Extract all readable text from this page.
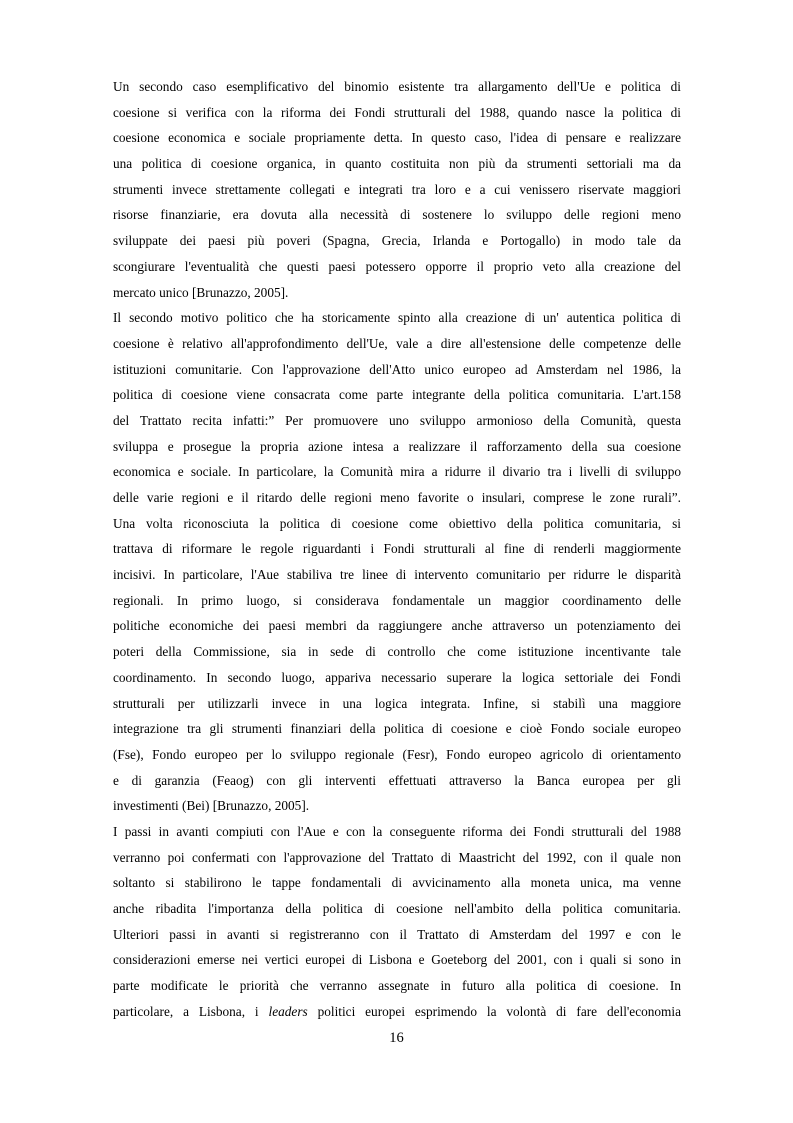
Un secondo caso esemplificativo del binomio esistente tra allargamento dell'Ue e politica di
coesione si verifica con la riforma dei Fondi strutturali del 1988, quando nasce la politica di
coesione economica e sociale propriamente detta. In questo caso, l'idea di pensare e realizzare
una politica di coesione organica, in quanto costituita non più da strumenti settoriali ma da
strumenti invece strettamente collegati e integrati tra loro e a cui venissero riservate maggiori
risorse finanziarie, era dovuta alla necessità di sostenere lo sviluppo delle regioni meno
sviluppate dei paesi più poveri (Spagna, Grecia, Irlanda e Portogallo) in modo tale da
scongiurare l'eventualità che questi paesi potessero opporre il proprio veto alla creazione del
mercato unico [Brunazzo, 2005].
Il secondo motivo politico che ha storicamente spinto alla creazione di un' autentica politica di
coesione è relativo all'approfondimento dell'Ue, vale a dire all'estensione delle competenze delle
istituzioni comunitarie. Con l'approvazione dell'Atto unico europeo ad Amsterdam nel 1986, la
politica di coesione viene consacrata come parte integrante della politica comunitaria. L'art.158
del Trattato recita infatti:” Per promuovere uno sviluppo armonioso della Comunità, questa
sviluppa e prosegue la propria azione intesa a realizzare il rafforzamento della sua coesione
economica e sociale. In particolare, la Comunità mira a ridurre il divario tra i livelli di sviluppo
delle varie regioni e il ritardo delle regioni meno favorite o insulari, comprese le zone rurali”.
Una volta riconosciuta la politica di coesione come obiettivo della politica comunitaria, si
trattava di riformare le regole riguardanti i Fondi strutturali al fine di renderli maggiormente
incisivi. In particolare, l'Aue stabiliva tre linee di intervento comunitario per ridurre le disparità
regionali. In primo luogo, si considerava fondamentale un maggior coordinamento delle
politiche economiche dei paesi membri da raggiungere anche attraverso un potenziamento dei
poteri della Commissione, sia in sede di controllo che come istituzione incentivante tale
coordinamento. In secondo luogo, appariva necessario superare la logica settoriale dei Fondi
strutturali per utilizzarli invece in una logica integrata. Infine, si stabilì una maggiore
integrazione tra gli strumenti finanziari della politica di coesione e cioè Fondo sociale europeo
(Fse), Fondo europeo per lo sviluppo regionale (Fesr), Fondo europeo agricolo di orientamento
e di garanzia (Feaog) con gli interventi effettuati attraverso la Banca europea per gli
investimenti (Bei) [Brunazzo, 2005].
I passi in avanti compiuti con l'Aue e con la conseguente riforma dei Fondi strutturali del 1988
verranno poi confermati con l'approvazione del Trattato di Maastricht del 1992, con il quale non
soltanto si stabilirono le tappe fondamentali di avvicinamento alla moneta unica, ma venne
anche ribadita l'importanza della politica di coesione nell'ambito della politica comunitaria.
Ulteriori passi in avanti si registreranno con il Trattato di Amsterdam del 1997 e con le
considerazioni emerse nei vertici europei di Lisbona e Goeteborg del 2001, con i quali si sono in
parte modificate le priorità che verranno assegnate in futuro alla politica di coesione. In
particolare, a Lisbona, i leaders politici europei esprimendo la volontà di fare dell'economia
16
